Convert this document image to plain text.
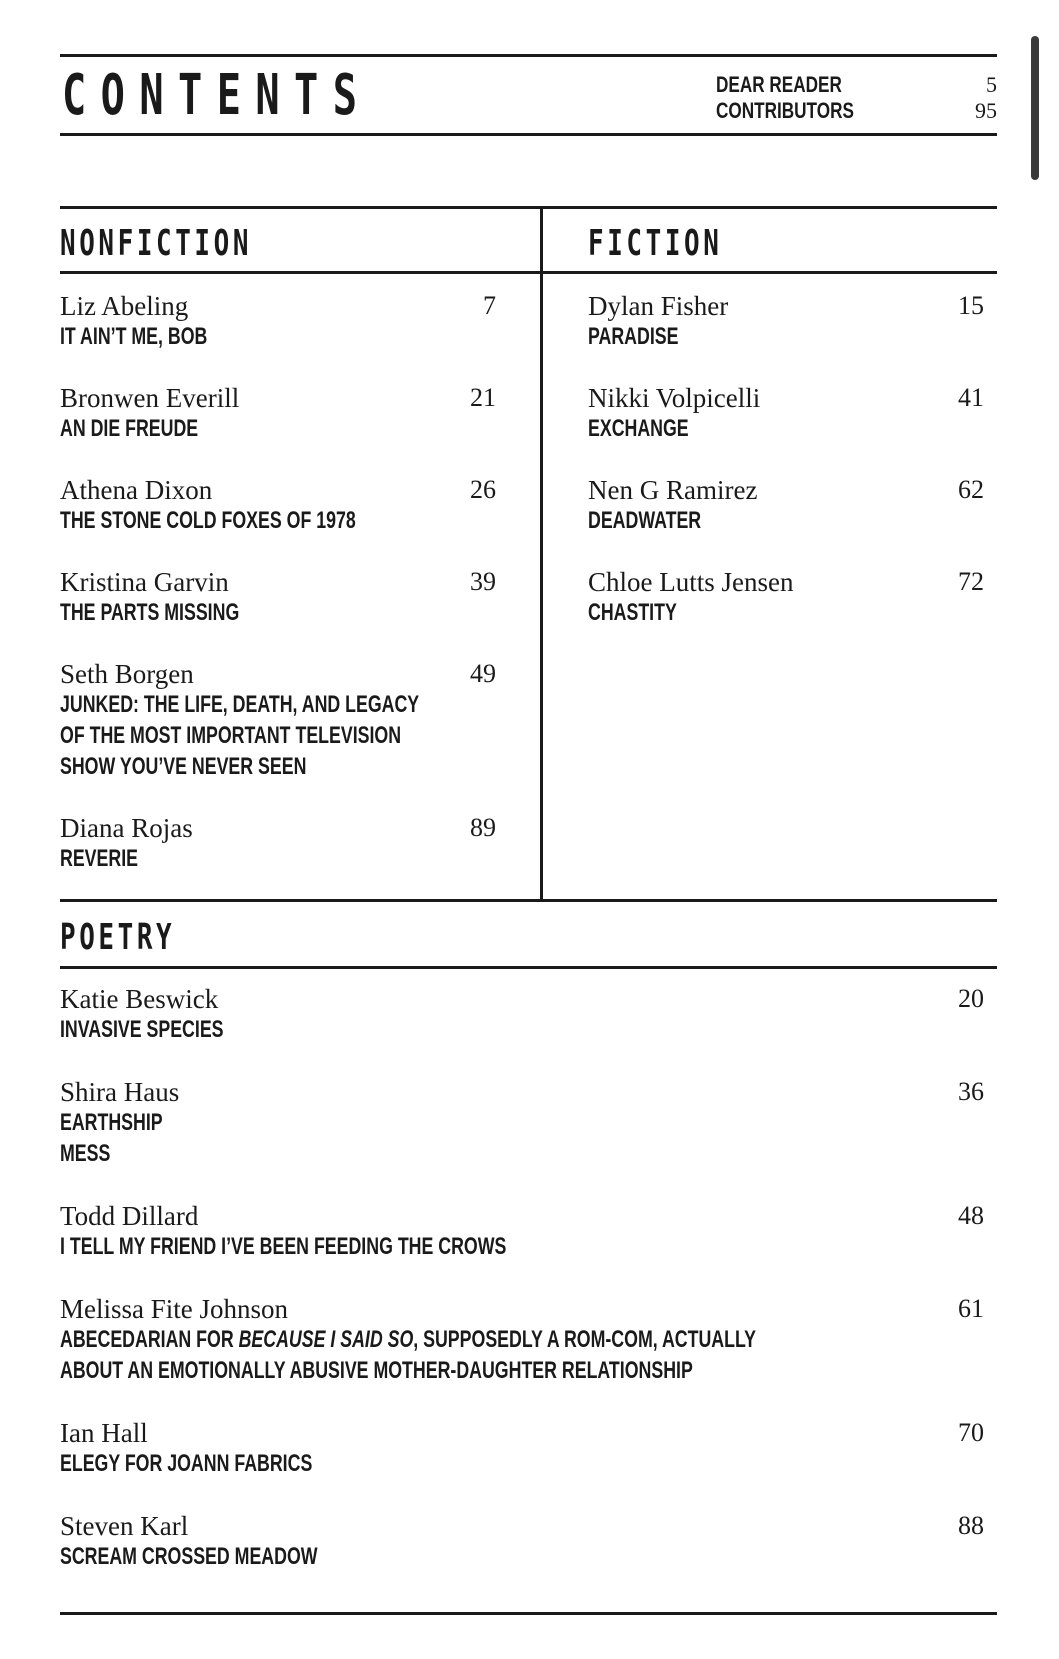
CONTENTS	DEAR READER	5
CONTRIBUTORS	95
NONFICTION	FICTION
Liz Abeling
IT AIN’T ME, BOB
7
Bronwen Everill
AN DIE FREUDE
21
Athena Dixon
THE STONE COLD FOXES OF 1978
26
Kristina Garvin
THE PARTS MISSING
39
Seth Borgen
JUNKED: THE LIFE, DEATH, AND LEGACY
OF THE MOST IMPORTANT TELEVISION
SHOW YOU’VE NEVER SEEN
49
Diana Rojas
REVERIE
89
Dylan Fisher
PARADISE
15
Nikki Volpicelli
EXCHANGE
41
Nen G Ramirez
DEADWATER
62
Chloe Lutts Jensen
CHASTITY
72
POETRY
Katie Beswick
INVASIVE SPECIES
20
Shira Haus
EARTHSHIP
MESS
36
Todd Dillard
I TELL MY FRIEND I’VE BEEN FEEDING THE CROWS
48
Melissa Fite Johnson
ABECEDARIAN FOR BECAUSE I SAID SO, SUPPOSEDLY A ROM-COM, ACTUALLY
ABOUT AN EMOTIONALLY ABUSIVE MOTHER-DAUGHTER RELATIONSHIP
61
Ian Hall
ELEGY FOR JOANN FABRICS
70
Steven Karl
SCREAM CROSSED MEADOW
88
